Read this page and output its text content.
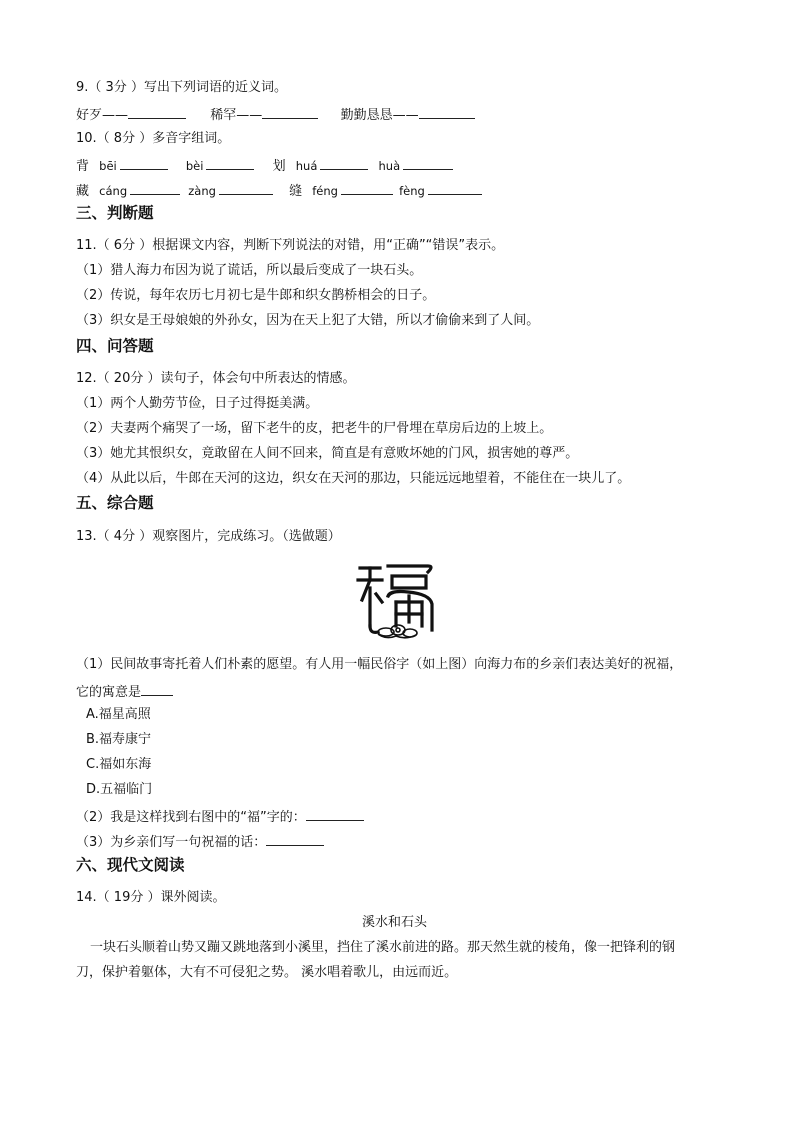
9.（ 3分 ）写出下列词语的近义词。
好歹——	稀罕——	勤勤恳恳——
10.（ 8分 ）多音字组词。
背 bēi	bèi	划 huá	huà
藏 cáng	zàng	缝 féng	fèng
三、判断题
11.（ 6分 ）根据课文内容，判断下列说法的对错，用“正确”“错误”表示。
（1）猎人海力布因为说了谎话，所以最后变成了一块石头。
（2）传说，每年农历七月初七是牛郎和织女鹊桥相会的日子。
（3）织女是王母娘娘的外孙女，因为在天上犯了大错，所以才偷偷来到了人间。
四、问答题
12.（ 20分 ）读句子，体会句中所表达的情感。
（1）两个人勤劳节俭，日子过得挺美满。
（2）夫妻两个痛哭了一场，留下老牛的皮，把老牛的尸骨埋在草房后边的上坡上。
（3）她尤其恨织女，竟敢留在人间不回来，简直是有意败坏她的门风，损害她的尊严。
（4）从此以后，牛郎在天河的这边，织女在天河的那边，只能远远地望着，不能住在一块儿了。
五、综合题
13.（ 4分 ）观察图片，完成练习。（选做题）
（1）民间故事寄托着人们朴素的愿望。有人用一幅民俗字（如上图）向海力布的乡亲们表达美好的祝福，
它的寓意是
A.福星高照
B.福寿康宁
C.福如东海
D.五福临门
（2）我是这样找到右图中的“福”字的：
（3）为乡亲们写一句祝福的话：
六、现代文阅读
14.（ 19分 ）课外阅读。
溪水和石头
一块石头顺着山势又蹦又跳地落到小溪里，挡住了溪水前进的路。那天然生就的棱角，像一把锋利的钢
刀，保护着躯体，大有不可侵犯之势。 溪水唱着歌儿，由远而近。
